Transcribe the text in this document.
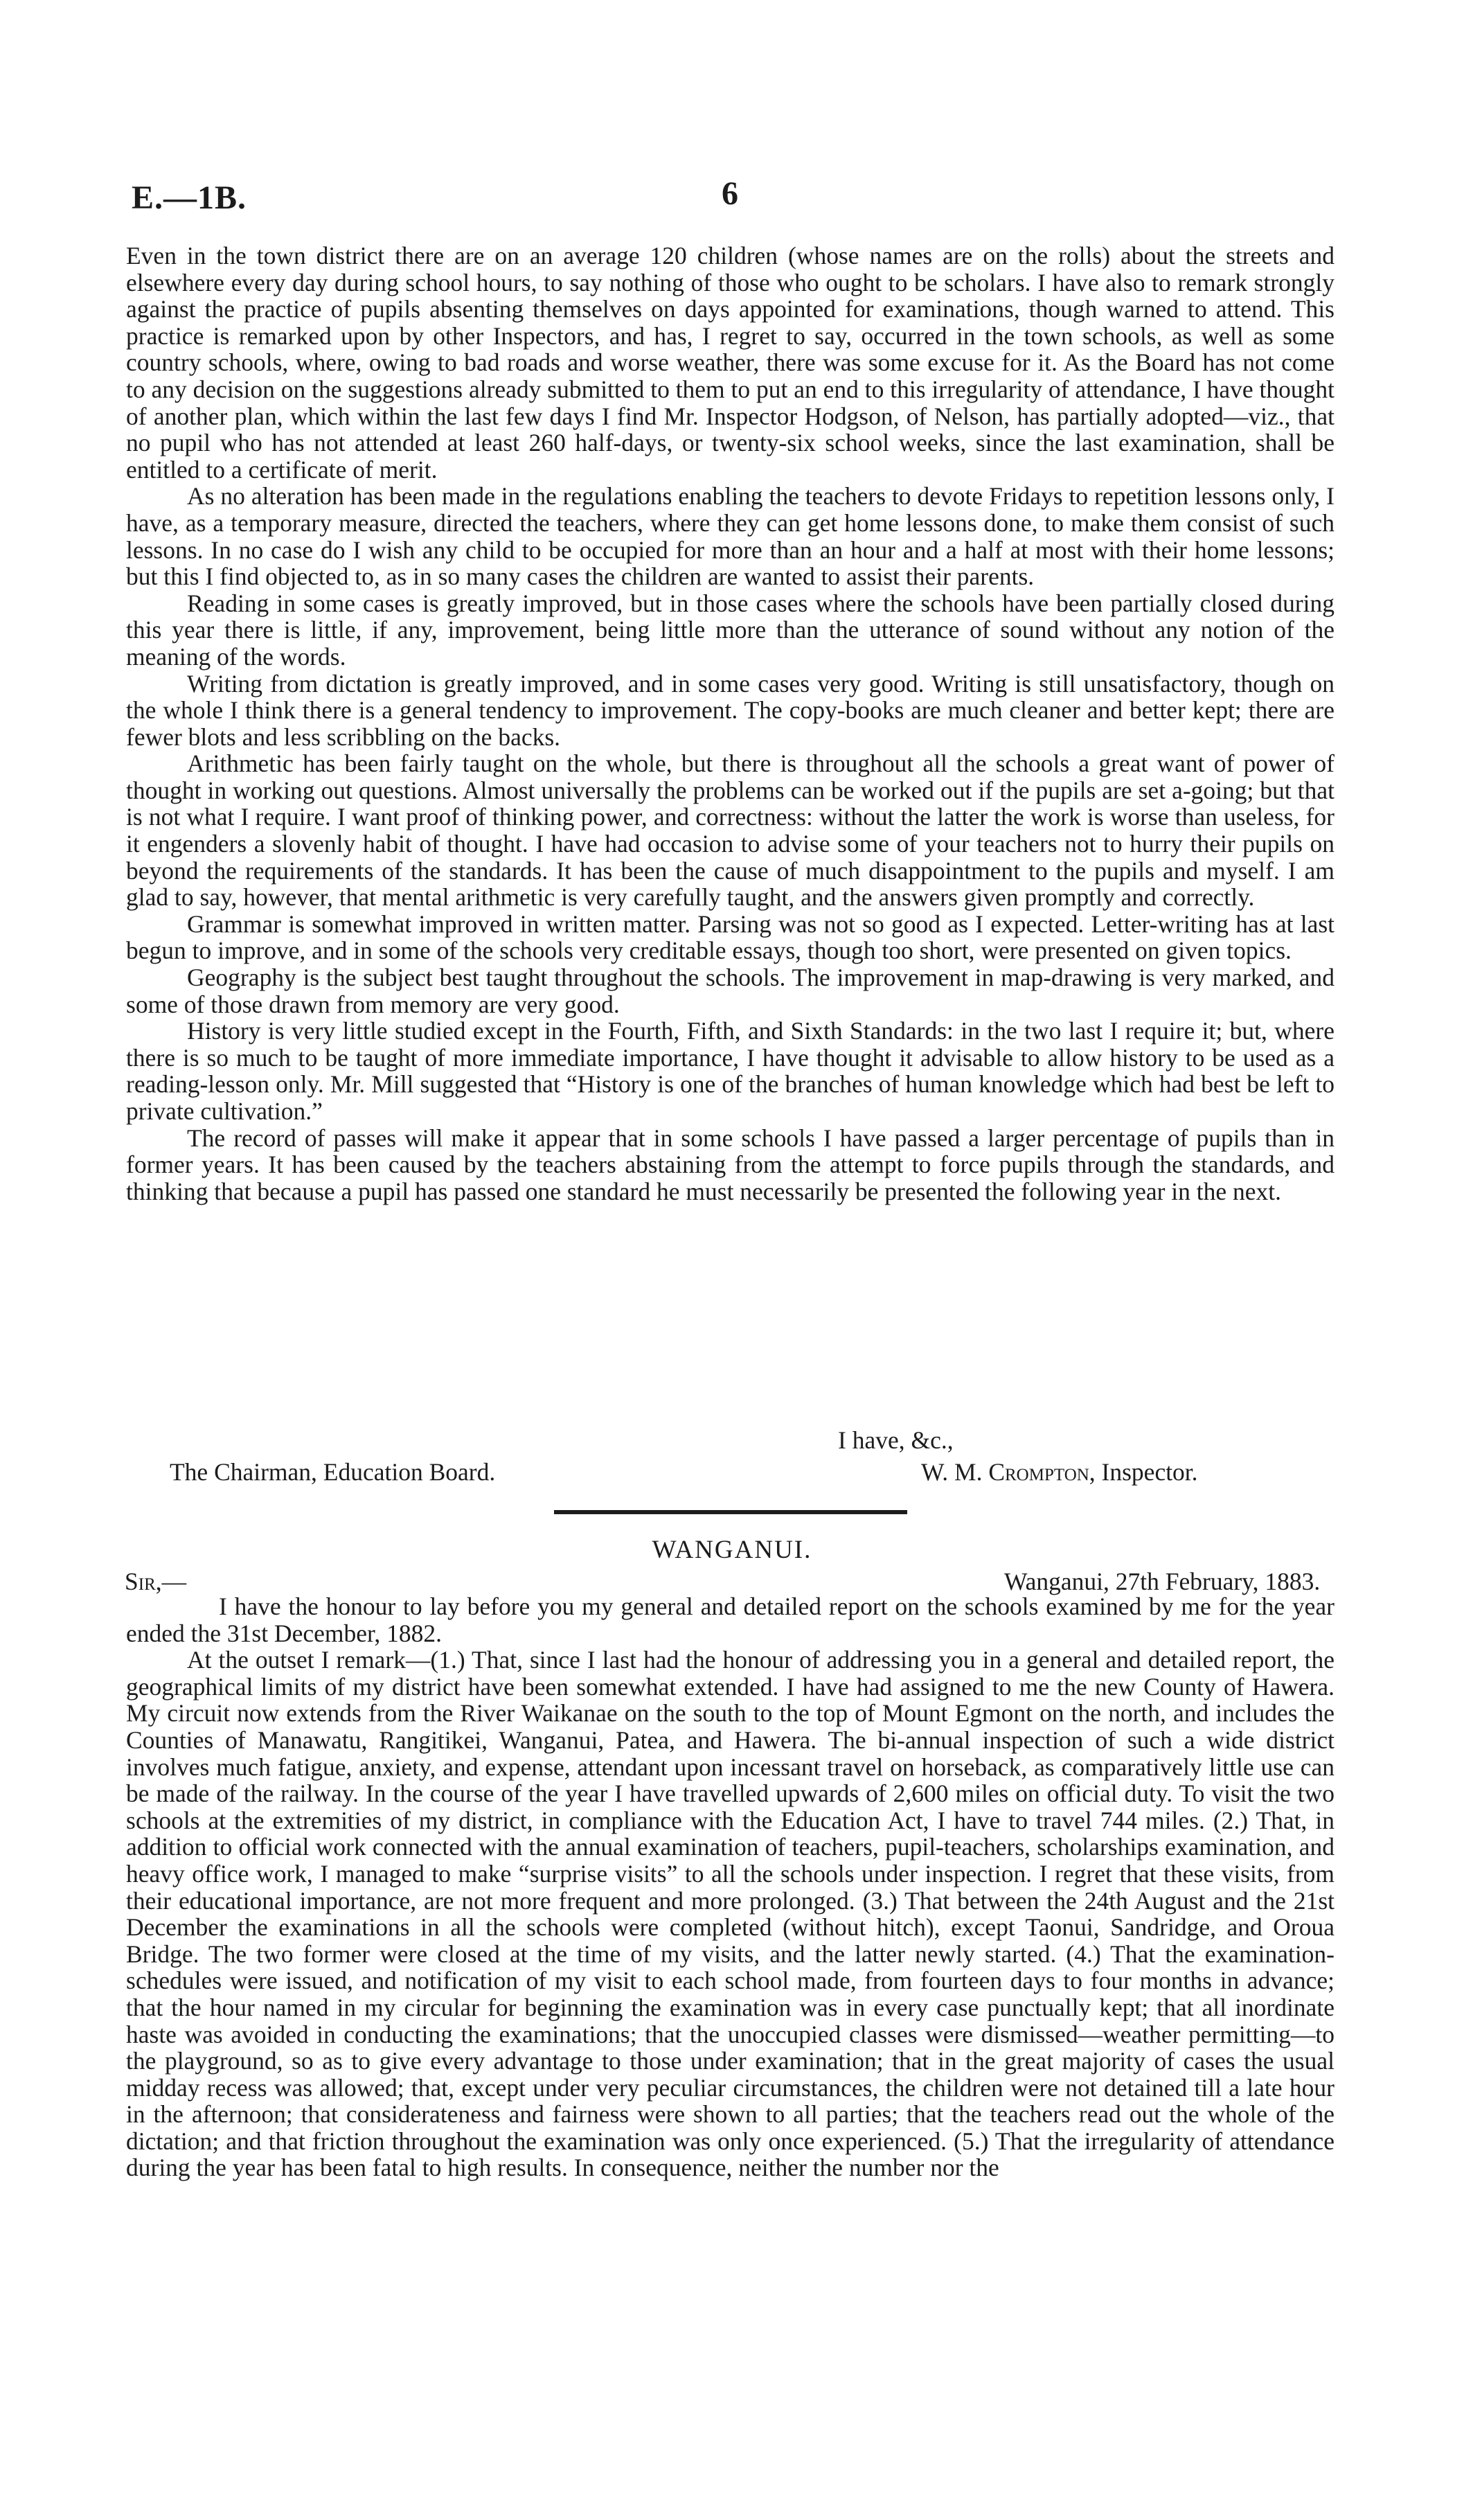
E.—1B.	6

Even in the town district there are on an average 120 children (whose names are on the rolls) about the streets and elsewhere every day during school hours, to say nothing of those who ought to be scholars. I have also to remark strongly against the practice of pupils absenting themselves on days appointed for examinations, though warned to attend. This practice is remarked upon by other Inspectors, and has, I regret to say, occurred in the town schools, as well as some country schools, where, owing to bad roads and worse weather, there was some excuse for it. As the Board has not come to any decision on the suggestions already submitted to them to put an end to this irregularity of attendance, I have thought of another plan, which within the last few days I find Mr. Inspector Hodgson, of Nelson, has partially adopted—viz., that no pupil who has not attended at least 260 half-days, or twenty-six school weeks, since the last examination, shall be entitled to a certificate of merit.

As no alteration has been made in the regulations enabling the teachers to devote Fridays to repetition lessons only, I have, as a temporary measure, directed the teachers, where they can get home lessons done, to make them consist of such lessons. In no case do I wish any child to be occupied for more than an hour and a half at most with their home lessons; but this I find objected to, as in so many cases the children are wanted to assist their parents.

Reading in some cases is greatly improved, but in those cases where the schools have been partially closed during this year there is little, if any, improvement, being little more than the utterance of sound without any notion of the meaning of the words.

Writing from dictation is greatly improved, and in some cases very good. Writing is still unsatisfactory, though on the whole I think there is a general tendency to improvement. The copy-books are much cleaner and better kept; there are fewer blots and less scribbling on the backs.

Arithmetic has been fairly taught on the whole, but there is throughout all the schools a great want of power of thought in working out questions. Almost universally the problems can be worked out if the pupils are set a-going; but that is not what I require. I want proof of thinking power, and correctness: without the latter the work is worse than useless, for it engenders a slovenly habit of thought. I have had occasion to advise some of your teachers not to hurry their pupils on beyond the requirements of the standards. It has been the cause of much disappointment to the pupils and myself. I am glad to say, however, that mental arithmetic is very carefully taught, and the answers given promptly and correctly.

Grammar is somewhat improved in written matter. Parsing was not so good as I expected. Letter-writing has at last begun to improve, and in some of the schools very creditable essays, though too short, were presented on given topics.

Geography is the subject best taught throughout the schools. The improvement in map-drawing is very marked, and some of those drawn from memory are very good.

History is very little studied except in the Fourth, Fifth, and Sixth Standards: in the two last I require it; but, where there is so much to be taught of more immediate importance, I have thought it advisable to allow history to be used as a reading-lesson only. Mr. Mill suggested that “History is one of the branches of human knowledge which had best be left to private cultivation.”

The record of passes will make it appear that in some schools I have passed a larger percentage of pupils than in former years. It has been caused by the teachers abstaining from the attempt to force pupils through the standards, and thinking that because a pupil has passed one standard he must necessarily be presented the following year in the next.

I have, &c.,
The Chairman, Education Board.	W. M. Crompton, Inspector.
WANGANUI.
Sir,—	Wanganui, 27th February, 1883.

I have the honour to lay before you my general and detailed report on the schools examined by me for the year ended the 31st December, 1882.

At the outset I remark—(1.) That, since I last had the honour of addressing you in a general and detailed report, the geographical limits of my district have been somewhat extended. I have had assigned to me the new County of Hawera. My circuit now extends from the River Waikanae on the south to the top of Mount Egmont on the north, and includes the Counties of Manawatu, Rangitikei, Wanganui, Patea, and Hawera. The bi-annual inspection of such a wide district involves much fatigue, anxiety, and expense, attendant upon incessant travel on horseback, as comparatively little use can be made of the railway. In the course of the year I have travelled upwards of 2,600 miles on official duty. To visit the two schools at the extremities of my district, in compliance with the Education Act, I have to travel 744 miles. (2.) That, in addition to official work connected with the annual examination of teachers, pupil-teachers, scholarships examination, and heavy office work, I managed to make “surprise visits” to all the schools under inspection. I regret that these visits, from their educational importance, are not more frequent and more prolonged. (3.) That between the 24th August and the 21st December the examinations in all the schools were completed (without hitch), except Taonui, Sandridge, and Oroua Bridge. The two former were closed at the time of my visits, and the latter newly started. (4.) That the examination-schedules were issued, and notification of my visit to each school made, from fourteen days to four months in advance; that the hour named in my circular for beginning the examination was in every case punctually kept; that all inordinate haste was avoided in conducting the examinations; that the unoccupied classes were dismissed—weather permitting—to the playground, so as to give every advantage to those under examination; that in the great majority of cases the usual midday recess was allowed; that, except under very peculiar circumstances, the children were not detained till a late hour in the afternoon; that considerateness and fairness were shown to all parties; that the teachers read out the whole of the dictation; and that friction throughout the examination was only once experienced. (5.) That the irregularity of attendance during the year has been fatal to high results. In consequence, neither the number nor the
